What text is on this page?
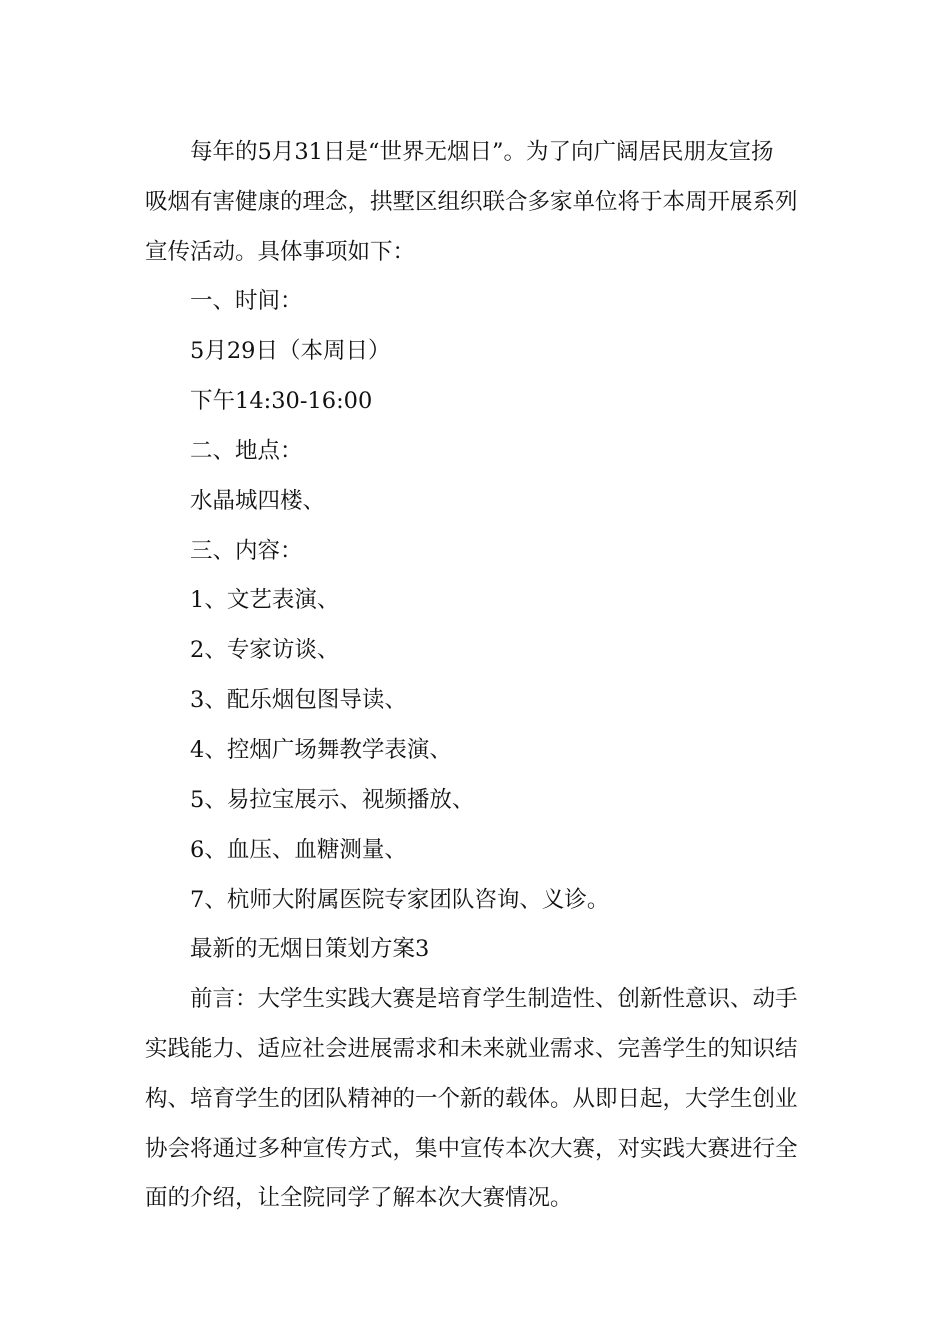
每年的5月31日是“世界无烟日”。为了向广阔居民朋友宣扬
吸烟有害健康的理念，拱墅区组织联合多家单位将于本周开展系列
宣传活动。具体事项如下：
一、时间：
5月29日（本周日）
下午14:30-16:00
二、地点：
水晶城四楼、
三、内容：
1、文艺表演、
2、专家访谈、
3、配乐烟包图导读、
4、控烟广场舞教学表演、
5、易拉宝展示、视频播放、
6、血压、血糖测量、
7、杭师大附属医院专家团队咨询、义诊。
最新的无烟日策划方案3
前言：大学生实践大赛是培育学生制造性、创新性意识、动手
实践能力、适应社会进展需求和未来就业需求、完善学生的知识结
构、培育学生的团队精神的一个新的载体。从即日起，大学生创业
协会将通过多种宣传方式，集中宣传本次大赛，对实践大赛进行全
面的介绍，让全院同学了解本次大赛情况。
